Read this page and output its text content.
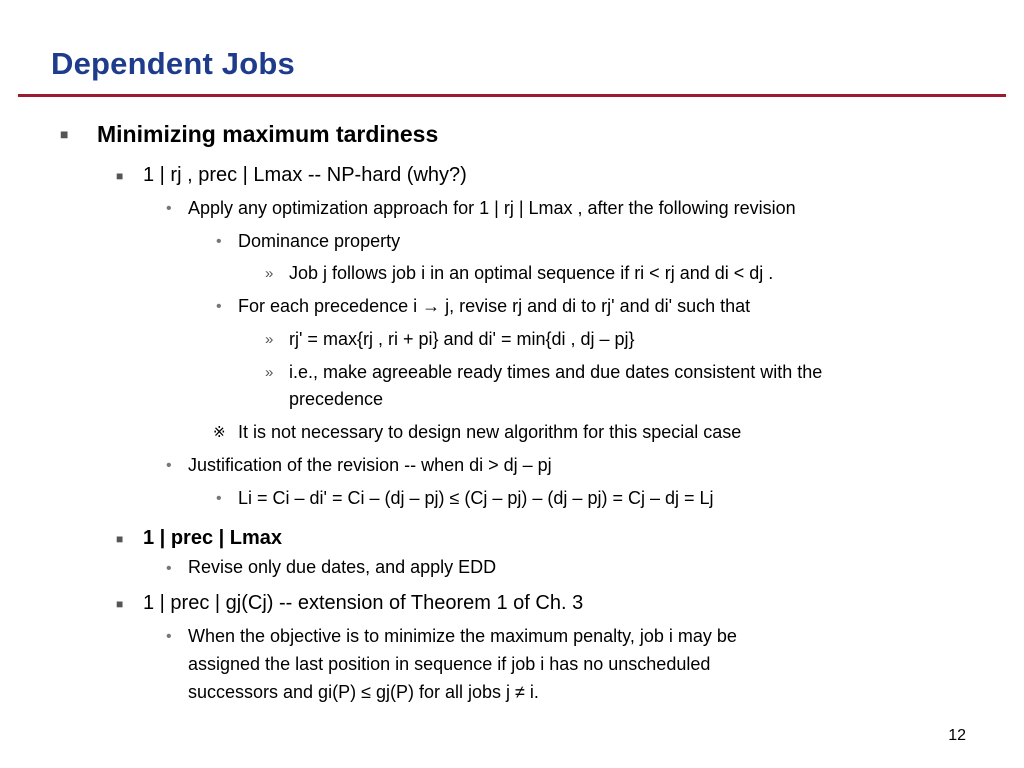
Dependent Jobs
■ Minimizing maximum tardiness
■ 1 | rj , prec | Lmax -- NP-hard (why?)
• Apply any optimization approach for 1 | rj | Lmax , after the following revision
• Dominance property
» Job j follows job i in an optimal sequence if ri < rj and di < dj .
• For each precedence i → j, revise rj and di to rj' and di' such that
» rj' = max{rj , ri + pi} and di' = min{di , dj – pj}
» i.e., make agreeable ready times and due dates consistent with the
precedence
※ It is not necessary to design new algorithm for this special case
• Justification of the revision -- when di > dj – pj
• Li = Ci – di' = Ci – (dj – pj) ≤ (Cj – pj) – (dj – pj) = Cj – dj = Lj
■ 1 | prec | Lmax
• Revise only due dates, and apply EDD
■ 1 | prec | gj(Cj) -- extension of Theorem 1 of Ch. 3
• When the objective is to minimize the maximum penalty, job i may be
assigned the last position in sequence if job i has no unscheduled
successors and gi(P) ≤ gj(P) for all jobs j ≠ i.
12
